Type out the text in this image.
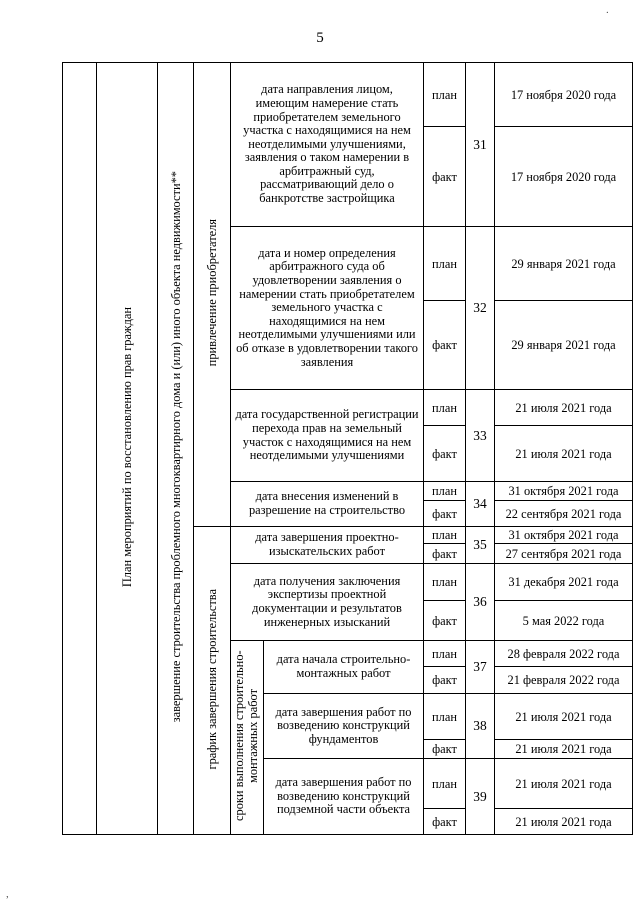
5
.
,
	План мероприятий по восстановлению прав граждан	завершение строительства проблемного многоквартирного дома и (или) иного объекта недвижимости**	привлечение приобретателя	дата направления лицом, имеющим намерение стать приобретателем земельного участка с находящимися на нем неотделимыми улучшениями, заявления о таком намерении в арбитражный суд, рассматривающий дело о банкротстве застройщика		план	31	17 ноября 2020 года
						факт		17 ноября 2020 года
				дата и номер определения арбитражного суда об удовлетворении заявления о намерении стать приобретателем земельного участка с находящимися на нем неотделимыми улучшениями или об отказе в удовлетворении такого заявления		план	32	29 января 2021 года
						факт		29 января 2021 года
				дата государственной регистрации перехода прав на земельный участок с находящимися на нем неотделимыми улучшениями		план	33	21 июля 2021 года
						факт		21 июля 2021 года
				дата внесения изменений в разрешение на строительство		план	34	31 октября 2021 года
						факт		22 сентября 2021 года
			график завершения строительства	дата завершения проектно-изыскательских работ		план	35	31 октября 2021 года
						факт		27 сентября 2021 года
				дата получения заключения экспертизы проектной документации и результатов инженерных изысканий		план	36	31 декабря 2021 года
						факт		5 мая 2022 года
				сроки выполнения строительно-монтажных работ	дата начала строительно-монтажных работ	план	37	28 февраля 2022 года
						факт		21 февраля 2022 года
					дата завершения работ по возведению конструкций фундаментов	план	38	21 июля 2021 года
						факт		21 июля 2021 года
					дата завершения работ по возведению конструкций подземной части объекта	план	39	21 июля 2021 года
						факт		21 июля 2021 года
